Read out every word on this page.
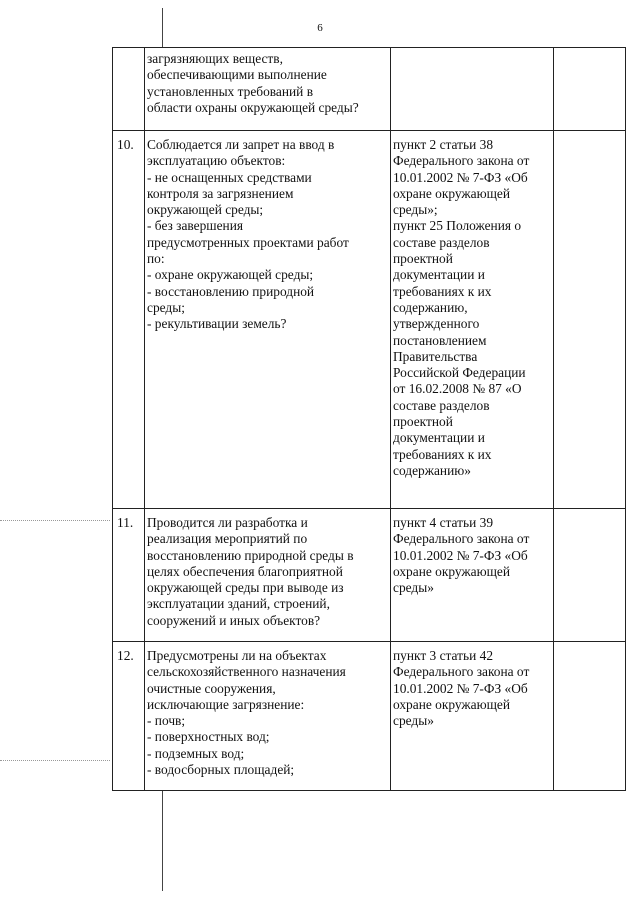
6
загрязняющих веществ,
обеспечивающими выполнение
установленных требований в
области охраны окружающей среды?
10. Соблюдается ли запрет на ввод в
эксплуатацию объектов:
- не оснащенных средствами
контроля за загрязнением
окружающей среды;
- без завершения
предусмотренных проектами работ
по:
- охране окружающей среды;
- восстановлению природной
среды;
- рекультивации земель?
пункт 2 статьи 38
Федерального закона от
10.01.2002 № 7-ФЗ «Об
охране окружающей
среды»;
пункт 25 Положения о
составе разделов
проектной
документации и
требованиях к их
содержанию,
утвержденного
постановлением
Правительства
Российской Федерации
от 16.02.2008 № 87 «О
составе разделов
проектной
документации и
требованиях к их
содержанию»
11. Проводится ли разработка и
реализация мероприятий по
восстановлению природной среды в
целях обеспечения благоприятной
окружающей среды при выводе из
эксплуатации зданий, строений,
сооружений и иных объектов?
пункт 4 статьи 39
Федерального закона от
10.01.2002 № 7-ФЗ «Об
охране окружающей
среды»
12. Предусмотрены ли на объектах
сельскохозяйственного назначения
очистные сооружения,
исключающие загрязнение:
- почв;
- поверхностных вод;
- подземных вод;
- водосборных площадей;
пункт 3 статьи 42
Федерального закона от
10.01.2002 № 7-ФЗ «Об
охране окружающей
среды»
